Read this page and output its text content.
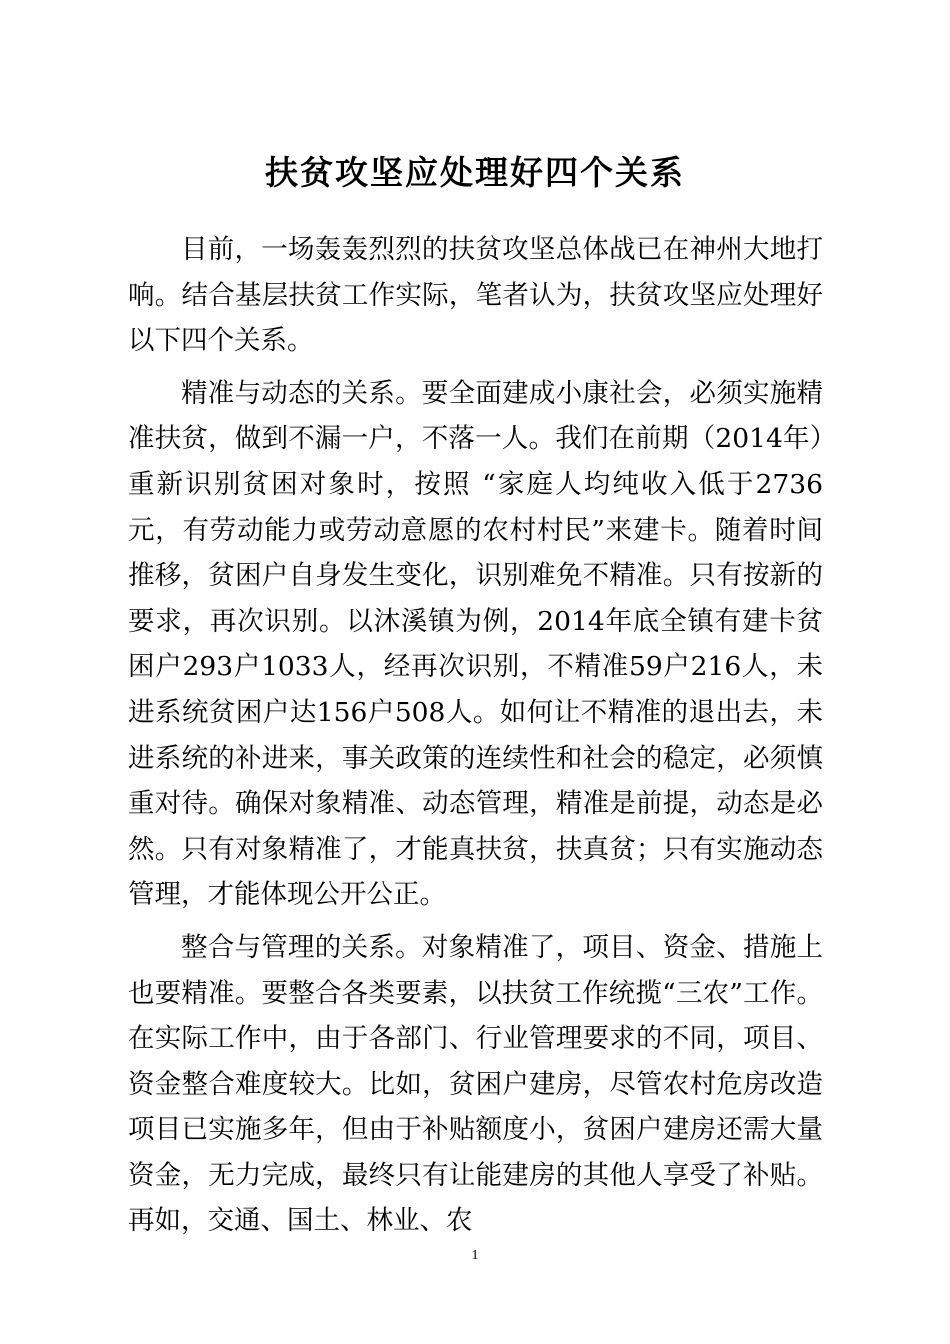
扶贫攻坚应处理好四个关系

目前，一场轰轰烈烈的扶贫攻坚总体战已在神州大地打响。结合基层扶贫工作实际，笔者认为，扶贫攻坚应处理好以下四个关系。

精准与动态的关系。要全面建成小康社会，必须实施精准扶贫，做到不漏一户，不落一人。我们在前期（2014年）重新识别贫困对象时，按照 “家庭人均纯收入低于2736元，有劳动能力或劳动意愿的农村村民”来建卡。随着时间推移，贫困户自身发生变化，识别难免不精准。只有按新的要求，再次识别。以沐溪镇为例，2014年底全镇有建卡贫困户293户1033人，经再次识别，不精准59户216人，未进系统贫困户达156户508人。如何让不精准的退出去，未进系统的补进来，事关政策的连续性和社会的稳定，必须慎重对待。确保对象精准、动态管理，精准是前提，动态是必然。只有对象精准了，才能真扶贫，扶真贫；只有实施动态管理，才能体现公开公正。

整合与管理的关系。对象精准了，项目、资金、措施上也要精准。要整合各类要素，以扶贫工作统揽“三农”工作。在实际工作中，由于各部门、行业管理要求的不同，项目、资金整合难度较大。比如，贫困户建房，尽管农村危房改造项目已实施多年，但由于补贴额度小，贫困户建房还需大量资金，无力完成，最终只有让能建房的其他人享受了补贴。再如，交通、国土、林业、农

1
